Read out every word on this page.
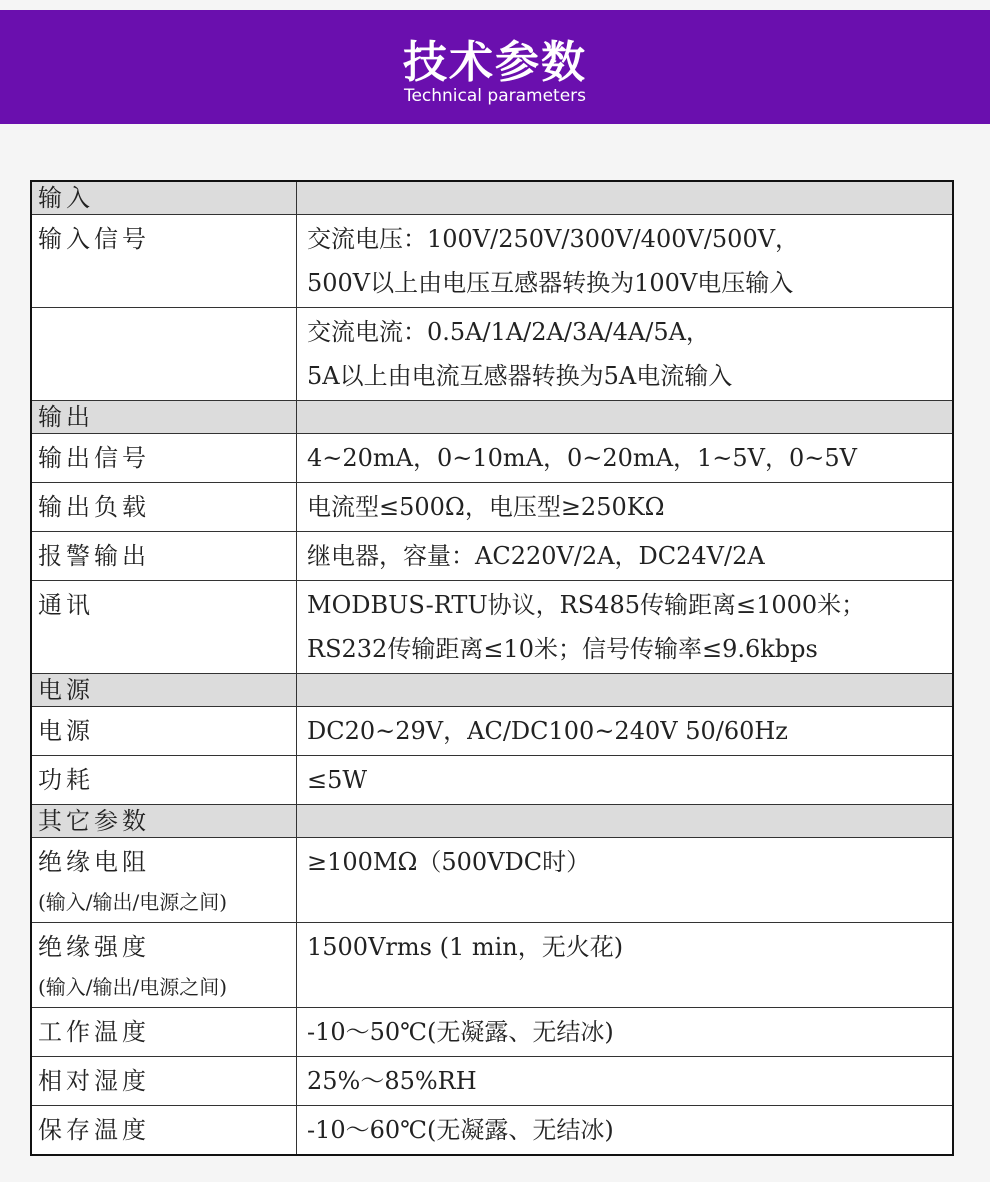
技术参数
Technical parameters
输入	
输入信号	交流电压：100V/250V/300V/400V/500V，
500V以上由电压互感器转换为100V电压输入

	交流电流：0.5A/1A/2A/3A/4A/5A，
5A以上由电流互感器转换为5A电流输入

输出	
输出信号	4~20mA，0~10mA，0~20mA，1~5V，0~5V

输出负载	电流型≤500Ω，电压型≥250KΩ

报警输出	继电器，容量：AC220V/2A，DC24V/2A

通讯	MODBUS-RTU协议，RS485传输距离≤1000米；
RS232传输距离≤10米；信号传输率≤9.6kbps

电源	
电源	DC20~29V，AC/DC100~240V 50/60Hz

功耗	≤5W

其它参数	
绝缘电阻
(输入/输出/电源之间)	≥100MΩ（500VDC时）

绝缘强度
(输入/输出/电源之间)	1500Vrms (1 min，无火花)

工作温度	-10～50℃(无凝露、无结冰)

相对湿度	25%～85%RH

保存温度	-10～60℃(无凝露、无结冰)
